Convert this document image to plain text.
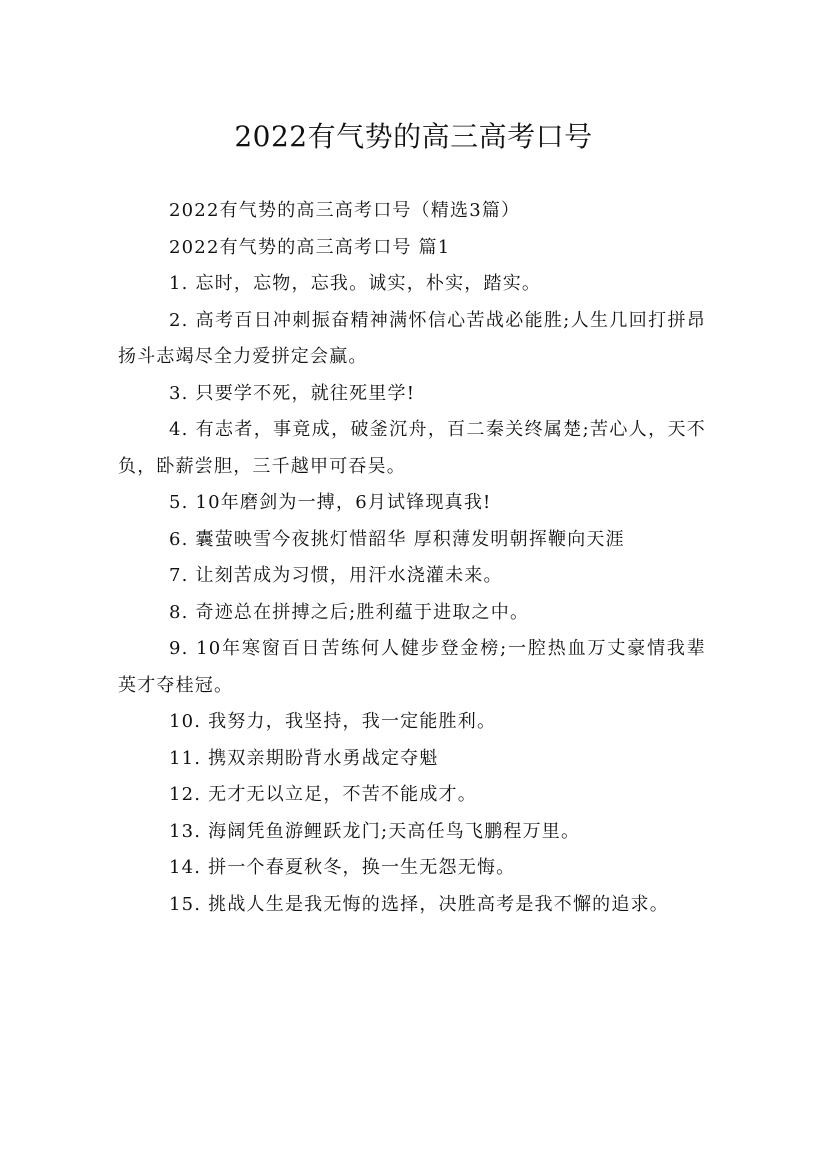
2022有气势的高三高考口号

2022有气势的高三高考口号（精选3篇）

2022有气势的高三高考口号 篇1

1. 忘时，忘物，忘我。诚实，朴实，踏实。

2. 高考百日冲刺振奋精神满怀信心苦战必能胜;人生几回打拼昂扬斗志竭尽全力爱拼定会赢。

3. 只要学不死，就往死里学!

4. 有志者，事竟成，破釜沉舟，百二秦关终属楚;苦心人，天不负，卧薪尝胆，三千越甲可吞吴。

5. 10年磨剑为一搏，6月试锋现真我!

6. 囊萤映雪今夜挑灯惜韶华 厚积薄发明朝挥鞭向天涯

7. 让刻苦成为习惯，用汗水浇灌未来。

8. 奇迹总在拼搏之后;胜利蕴于进取之中。

9. 10年寒窗百日苦练何人健步登金榜;一腔热血万丈豪情我辈英才夺桂冠。

10. 我努力，我坚持，我一定能胜利。

11. 携双亲期盼背水勇战定夺魁

12. 无才无以立足，不苦不能成才。

13. 海阔凭鱼游鲤跃龙门;天高任鸟飞鹏程万里。

14. 拼一个春夏秋冬，换一生无怨无悔。

15. 挑战人生是我无悔的选择，决胜高考是我不懈的追求。
